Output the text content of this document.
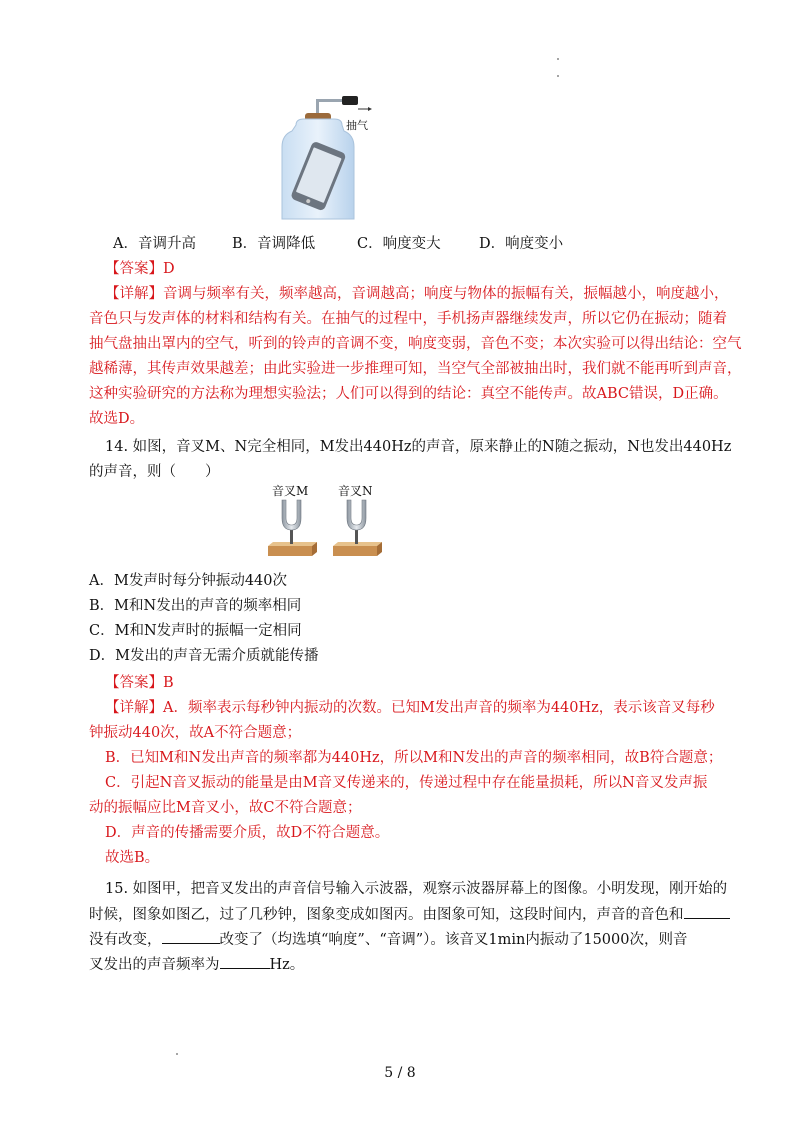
抽气
A．音调升高 B．音调降低	C．响度变大	D．响度变小
【答案】D
【详解】音调与频率有关，频率越高，音调越高；响度与物体的振幅有关，振幅越小，响度越小，
音色只与发声体的材料和结构有关。在抽气的过程中，手机扬声器继续发声，所以它仍在振动；随着
抽气盘抽出罩内的空气，听到的铃声的音调不变，响度变弱，音色不变；本次实验可以得出结论：空气
越稀薄，其传声效果越差；由此实验进一步推理可知，当空气全部被抽出时，我们就不能再听到声音，
这种实验研究的方法称为理想实验法；人们可以得到的结论：真空不能传声。故ABC错误，D正确。
故选D。
14. 如图，音叉M、N完全相同，M发出440Hz的声音，原来静止的N随之振动，N也发出440Hz
的声音，则（　　）
音叉M 音叉N
A．M发声时每分钟振动440次
B．M和N发出的声音的频率相同
C．M和N发声时的振幅一定相同
D．M发出的声音无需介质就能传播
【答案】B
【详解】A．频率表示每秒钟内振动的次数。已知M发出声音的频率为440Hz，表示该音叉每秒
钟振动440次，故A不符合题意；
B．已知M和N发出声音的频率都为440Hz，所以M和N发出的声音的频率相同，故B符合题意；
C．引起N音叉振动的能量是由M音叉传递来的，传递过程中存在能量损耗，所以N音叉发声振
动的振幅应比M音叉小，故C不符合题意；
D．声音的传播需要介质，故D不符合题意。
故选B。
15. 如图甲，把音叉发出的声音信号输入示波器，观察示波器屏幕上的图像。小明发现，刚开始的
时候，图象如图乙，过了几秒钟，图象变成如图丙。由图象可知，这段时间内，声音的音色和
没有改变，	改变了（均选填“响度”、“音调”）。该音叉1min内振动了15000次，则音
叉发出的声音频率为	Hz。
5 / 8
